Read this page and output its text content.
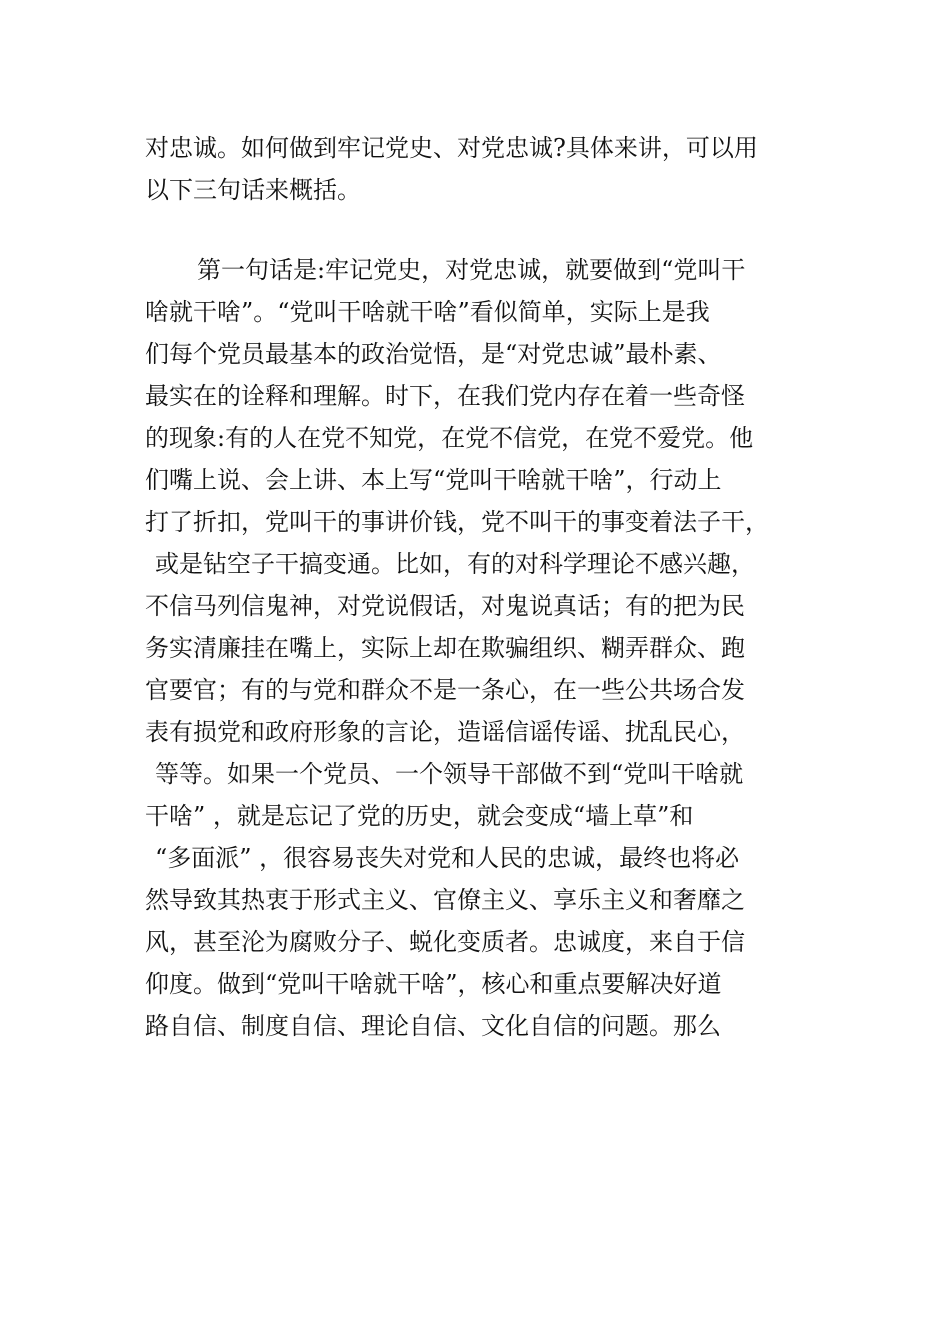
对忠诚。如何做到牢记党史、对党忠诚?具体来讲，可以用
以下三句话来概括。
第一句话是:牢记党史，对党忠诚，就要做到“党叫干
啥就干啥”。“党叫干啥就干啥”看似简单，实际上是我
们每个党员最基本的政治觉悟，是“对党忠诚”最朴素、
最实在的诠释和理解。时下，在我们党内存在着一些奇怪
的现象:有的人在党不知党，在党不信党，在党不爱党。他
们嘴上说、会上讲、本上写“党叫干啥就干啥”，行动上
打了折扣，党叫干的事讲价钱，党不叫干的事变着法子干，
或是钻空子干搞变通。比如，有的对科学理论不感兴趣，
不信马列信鬼神，对党说假话，对鬼说真话；有的把为民
务实清廉挂在嘴上，实际上却在欺骗组织、糊弄群众、跑
官要官；有的与党和群众不是一条心，在一些公共场合发
表有损党和政府形象的言论，造谣信谣传谣、扰乱民心，
等等。如果一个党员、一个领导干部做不到“党叫干啥就
干啥” ，就是忘记了党的历史，就会变成“墙上草”和
“多面派” ，很容易丧失对党和人民的忠诚，最终也将必
然导致其热衷于形式主义、官僚主义、享乐主义和奢靡之
风，甚至沦为腐败分子、蜕化变质者。忠诚度，来自于信
仰度。做到“党叫干啥就干啥”，核心和重点要解决好道
路自信、制度自信、理论自信、文化自信的问题。那么
